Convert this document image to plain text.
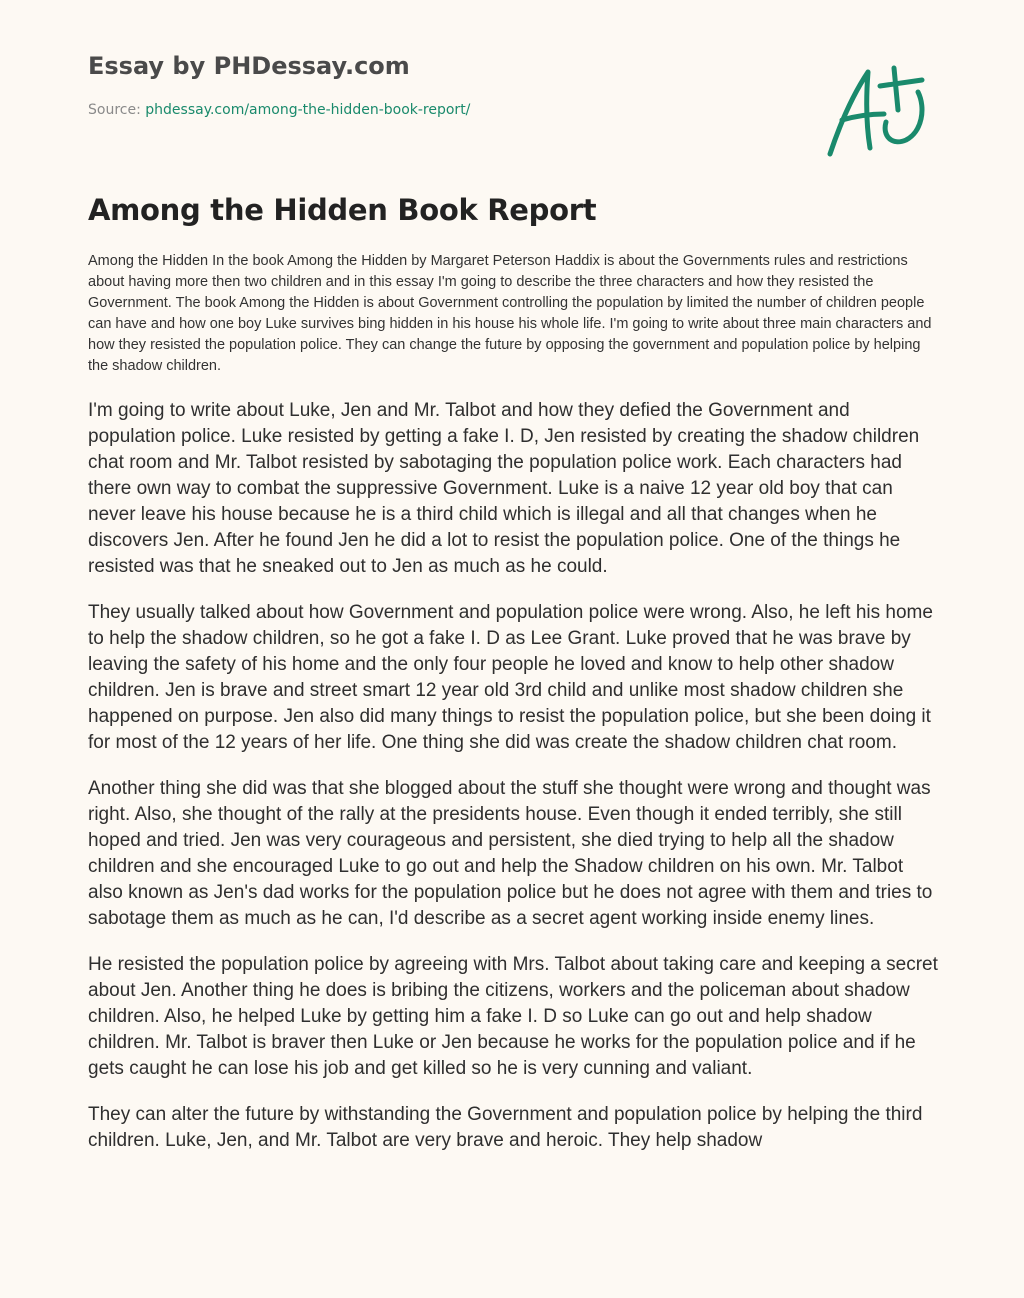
Essay by PHDessay.com
Source: phdessay.com/among-the-hidden-book-report/
Among the Hidden Book Report

Among the Hidden In the book Among the Hidden by Margaret Peterson Haddix is about the Governments rules and restrictions about having more then two children and in this essay I'm going to describe the three characters and how they resisted the Government. The book Among the Hidden is about Government controlling the population by limited the number of children people can have and how one boy Luke survives bing hidden in his house his whole life. I'm going to write about three main characters and how they resisted the population police. They can change the future by opposing the government and population police by helping the shadow children.

I'm going to write about Luke, Jen and Mr. Talbot and how they defied the Government and population police. Luke resisted by getting a fake I. D, Jen resisted by creating the shadow children chat room and Mr. Talbot resisted by sabotaging the population police work. Each characters had there own way to combat the suppressive Government. Luke is a naive 12 year old boy that can never leave his house because he is a third child which is illegal and all that changes when he discovers Jen. After he found Jen he did a lot to resist the population police. One of the things he resisted was that he sneaked out to Jen as much as he could.

They usually talked about how Government and population police were wrong. Also, he left his home to help the shadow children, so he got a fake I. D as Lee Grant. Luke proved that he was brave by leaving the safety of his home and the only four people he loved and know to help other shadow children. Jen is brave and street smart 12 year old 3rd child and unlike most shadow children she happened on purpose. Jen also did many things to resist the population police, but she been doing it for most of the 12 years of her life. One thing she did was create the shadow children chat room.

Another thing she did was that she blogged about the stuff she thought were wrong and thought was right. Also, she thought of the rally at the presidents house. Even though it ended terribly, she still hoped and tried. Jen was very courageous and persistent, she died trying to help all the shadow children and she encouraged Luke to go out and help the Shadow children on his own. Mr. Talbot also known as Jen's dad works for the population police but he does not agree with them and tries to sabotage them as much as he can, I'd describe as a secret agent working inside enemy lines.

He resisted the population police by agreeing with Mrs. Talbot about taking care and keeping a secret about Jen. Another thing he does is bribing the citizens, workers and the policeman about shadow children. Also, he helped Luke by getting him a fake I. D so Luke can go out and help shadow children. Mr. Talbot is braver then Luke or Jen because he works for the population police and if he gets caught he can lose his job and get killed so he is very cunning and valiant.

They can alter the future by withstanding the Government and population police by helping the third children. Luke, Jen, and Mr. Talbot are very brave and heroic. They help shadow
